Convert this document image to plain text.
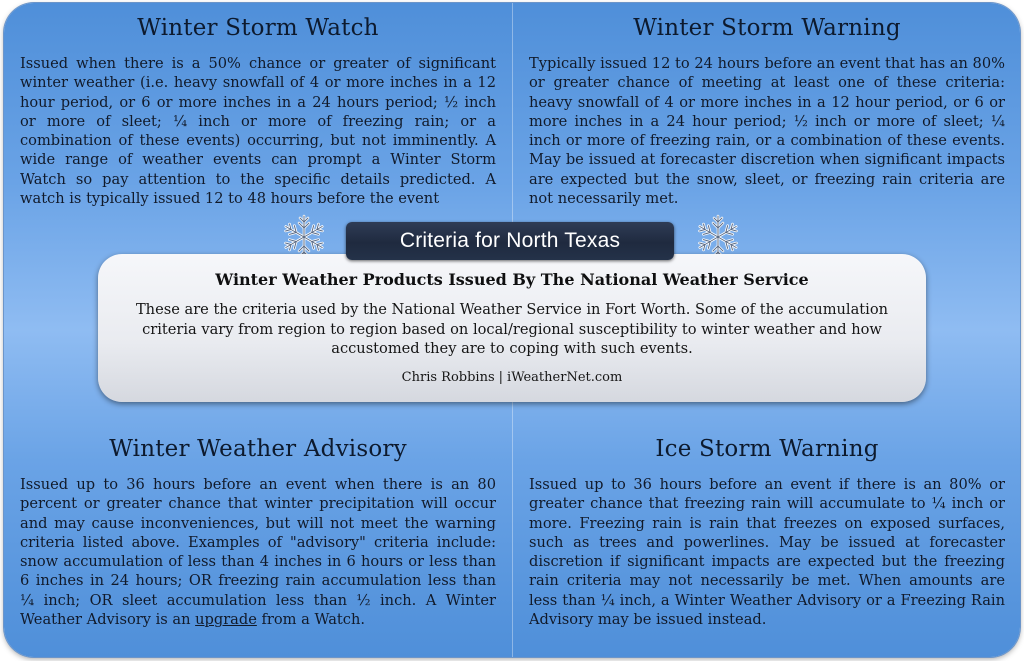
Winter Storm Watch
Issued when there is a 50% chance or greater of significant winter weather (i.e. heavy snowfall of 4 or more inches in a 12 hour period, or 6 or more inches in a 24 hours period; ½ inch or more of sleet; ¼ inch or more of freezing rain; or a combination of these events) occurring, but not imminently. A wide range of weather events can prompt a Winter Storm Watch so pay attention to the specific details predicted. A watch is typically issued 12 to 48 hours before the event
Winter Storm Warning
Typically issued 12 to 24 hours before an event that has an 80% or greater chance of meeting at least one of these criteria: heavy snowfall of 4 or more inches in a 12 hour period, or 6 or more inches in a 24 hour period; ½ inch or more of sleet; ¼ inch or more of freezing rain, or a combination of these events. May be issued at forecaster discretion when significant impacts are expected but the snow, sleet, or freezing rain criteria are not necessarily met.
Winter Weather Advisory
Issued up to 36 hours before an event when there is an 80 percent or greater chance that winter precipitation will occur and may cause inconveniences, but will not meet the warning criteria listed above. Examples of "advisory" criteria include: snow accumulation of less than 4 inches in 6 hours or less than 6 inches in 24 hours; OR freezing rain accumulation less than ¼ inch; OR sleet accumulation less than ½ inch. A Winter Weather Advisory is an upgrade from a Watch.
Ice Storm Warning
Issued up to 36 hours before an event if there is an 80% or greater chance that freezing rain will accumulate to ¼ inch or more. Freezing rain is rain that freezes on exposed surfaces, such as trees and powerlines. May be issued at forecaster discretion if significant impacts are expected but the freezing rain criteria may not necessarily be met. When amounts are less than ¼ inch, a Winter Weather Advisory or a Freezing Rain Advisory may be issued instead.
Winter Weather Products Issued By The National Weather Service
These are the criteria used by the National Weather Service in Fort Worth. Some of the accumulation criteria vary from region to region based on local/regional susceptibility to winter weather and how accustomed they are to coping with such events.
Chris Robbins | iWeatherNet.com
Criteria for North Texas
